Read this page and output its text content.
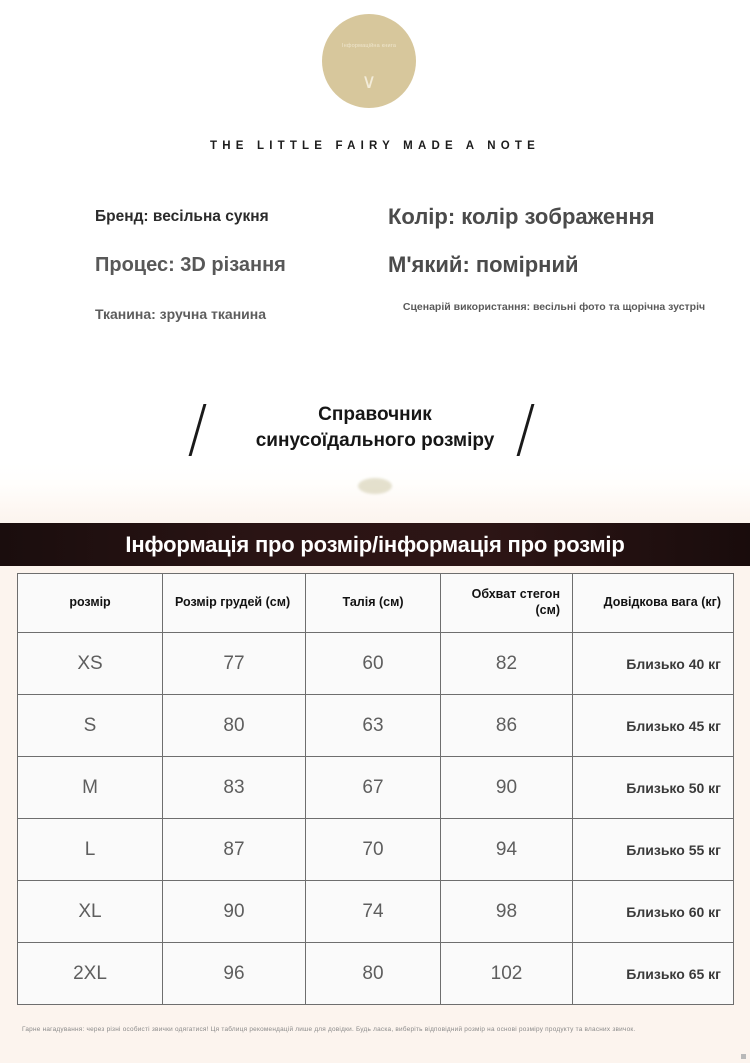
Інформаційна книга
∨
THE LITTLE FAIRY MADE A NOTE
Бренд: весільна сукня
Процес: 3D різання
Тканина: зручна тканина
Колір: колір зображення
М'який: помірний
Сценарій використання: весільні фото та щорічна зустріч
Справочник
синусоїдального розміру
Інформація про розмір/інформація про розмір
розмір	Розмір грудей (см)	Талія (см)	Обхват стегон (см)	Довідкова вага (кг)
XS	77	60	82	Близько 40 кг
S	80	63	86	Близько 45 кг
M	83	67	90	Близько 50 кг
L	87	70	94	Близько 55 кг
XL	90	74	98	Близько 60 кг
2XL	96	80	102	Близько 65 кг
Гарне нагадування: через різні особисті звички одягатися! Ця таблиця рекомендацій лише для довідки. Будь ласка, виберіть відповідний розмір на основі розміру продукту та власних звичок.
